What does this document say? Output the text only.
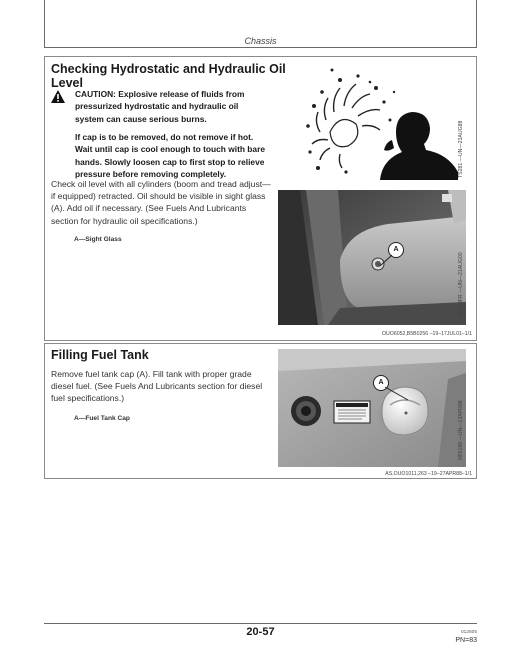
Chassis
Checking Hydrostatic and Hydraulic Oil Level
CAUTION: Explosive release of fluids from
pressurized hydrostatic and hydraulic oil
system can cause serious burns.
If cap is to be removed, do not remove if hot.
Wait until cap is cool enough to touch with bare
hands. Slowly loosen cap to first stop to relieve
pressure before removing completely.	TS281 —UN—23AUG88
Check oil level with all cylinders (boom and tread adjust—
if equipped) retracted. Oil should be visible in sight glass
(A). Add oil if necessary. (See Fuels And Lubricants
section for hydraulic oil specifications.)
A—Sight Glass
A
N421 9FR —UN—21AUG00
OUO6052,B5B0256 –19–17JUL01–1/1
Filling Fuel Tank
Remove fuel tank cap (A). Fill tank with proper grade
diesel fuel. (See Fuels And Lubricants section for diesel
fuel specifications.)
A—Fuel Tank Cap
A
N55188 —UN—13APR88
AS,OUO1011,263 –19–27APR88–1/1
20-57	012505
PN=83
